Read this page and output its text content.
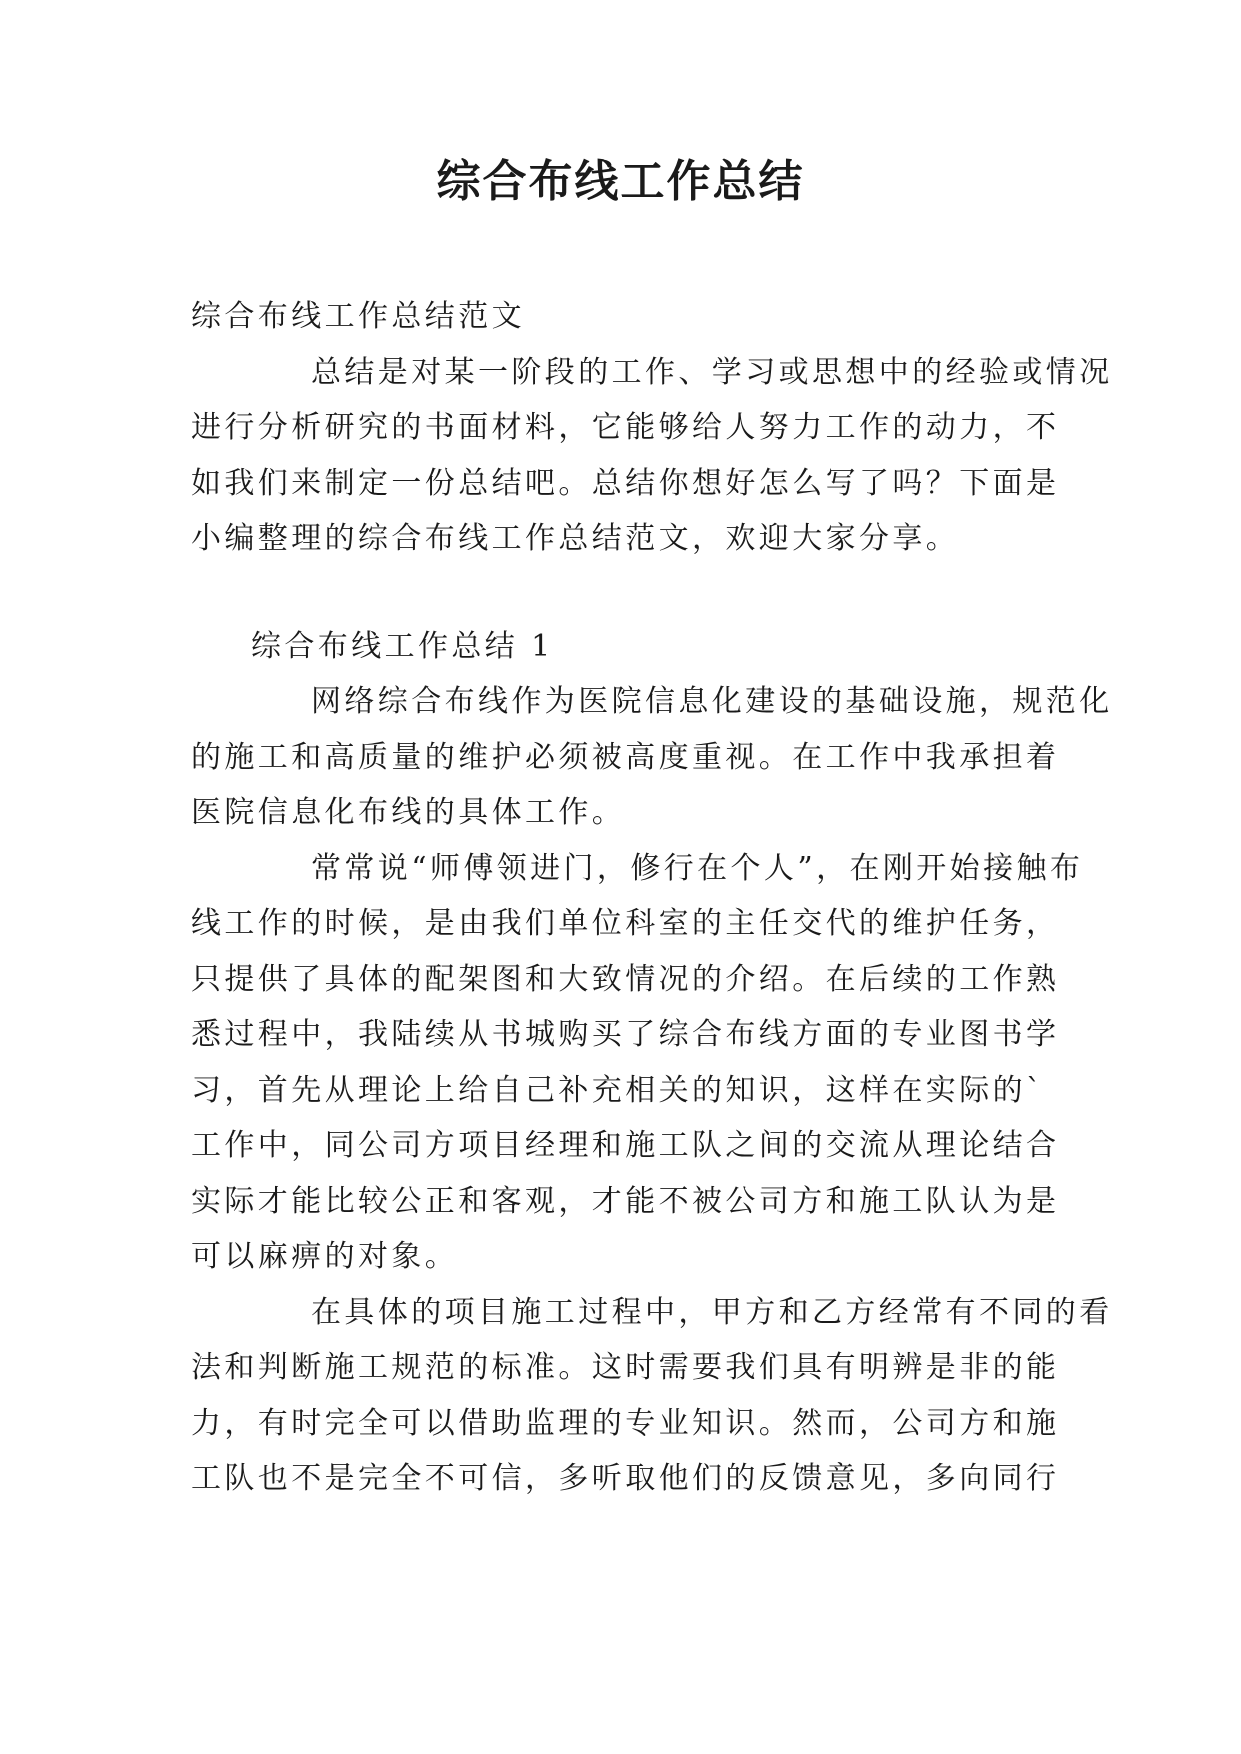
综合布线工作总结

综合布线工作总结范文

总结是对某一阶段的工作、学习或思想中的经验或情况
进行分析研究的书面材料，它能够给人努力工作的动力，不
如我们来制定一份总结吧。总结你想好怎么写了吗？下面是
小编整理的综合布线工作总结范文，欢迎大家分享。

综合布线工作总结 1

网络综合布线作为医院信息化建设的基础设施，规范化
的施工和高质量的维护必须被高度重视。在工作中我承担着
医院信息化布线的具体工作。

常常说“师傅领进门，修行在个人”，在刚开始接触布
线工作的时候，是由我们单位科室的主任交代的维护任务，
只提供了具体的配架图和大致情况的介绍。在后续的工作熟
悉过程中，我陆续从书城购买了综合布线方面的专业图书学
习，首先从理论上给自己补充相关的知识，这样在实际的`
工作中，同公司方项目经理和施工队之间的交流从理论结合
实际才能比较公正和客观，才能不被公司方和施工队认为是
可以麻痹的对象。

在具体的项目施工过程中，甲方和乙方经常有不同的看
法和判断施工规范的标准。这时需要我们具有明辨是非的能
力，有时完全可以借助监理的专业知识。然而，公司方和施
工队也不是完全不可信，多听取他们的反馈意见，多向同行
